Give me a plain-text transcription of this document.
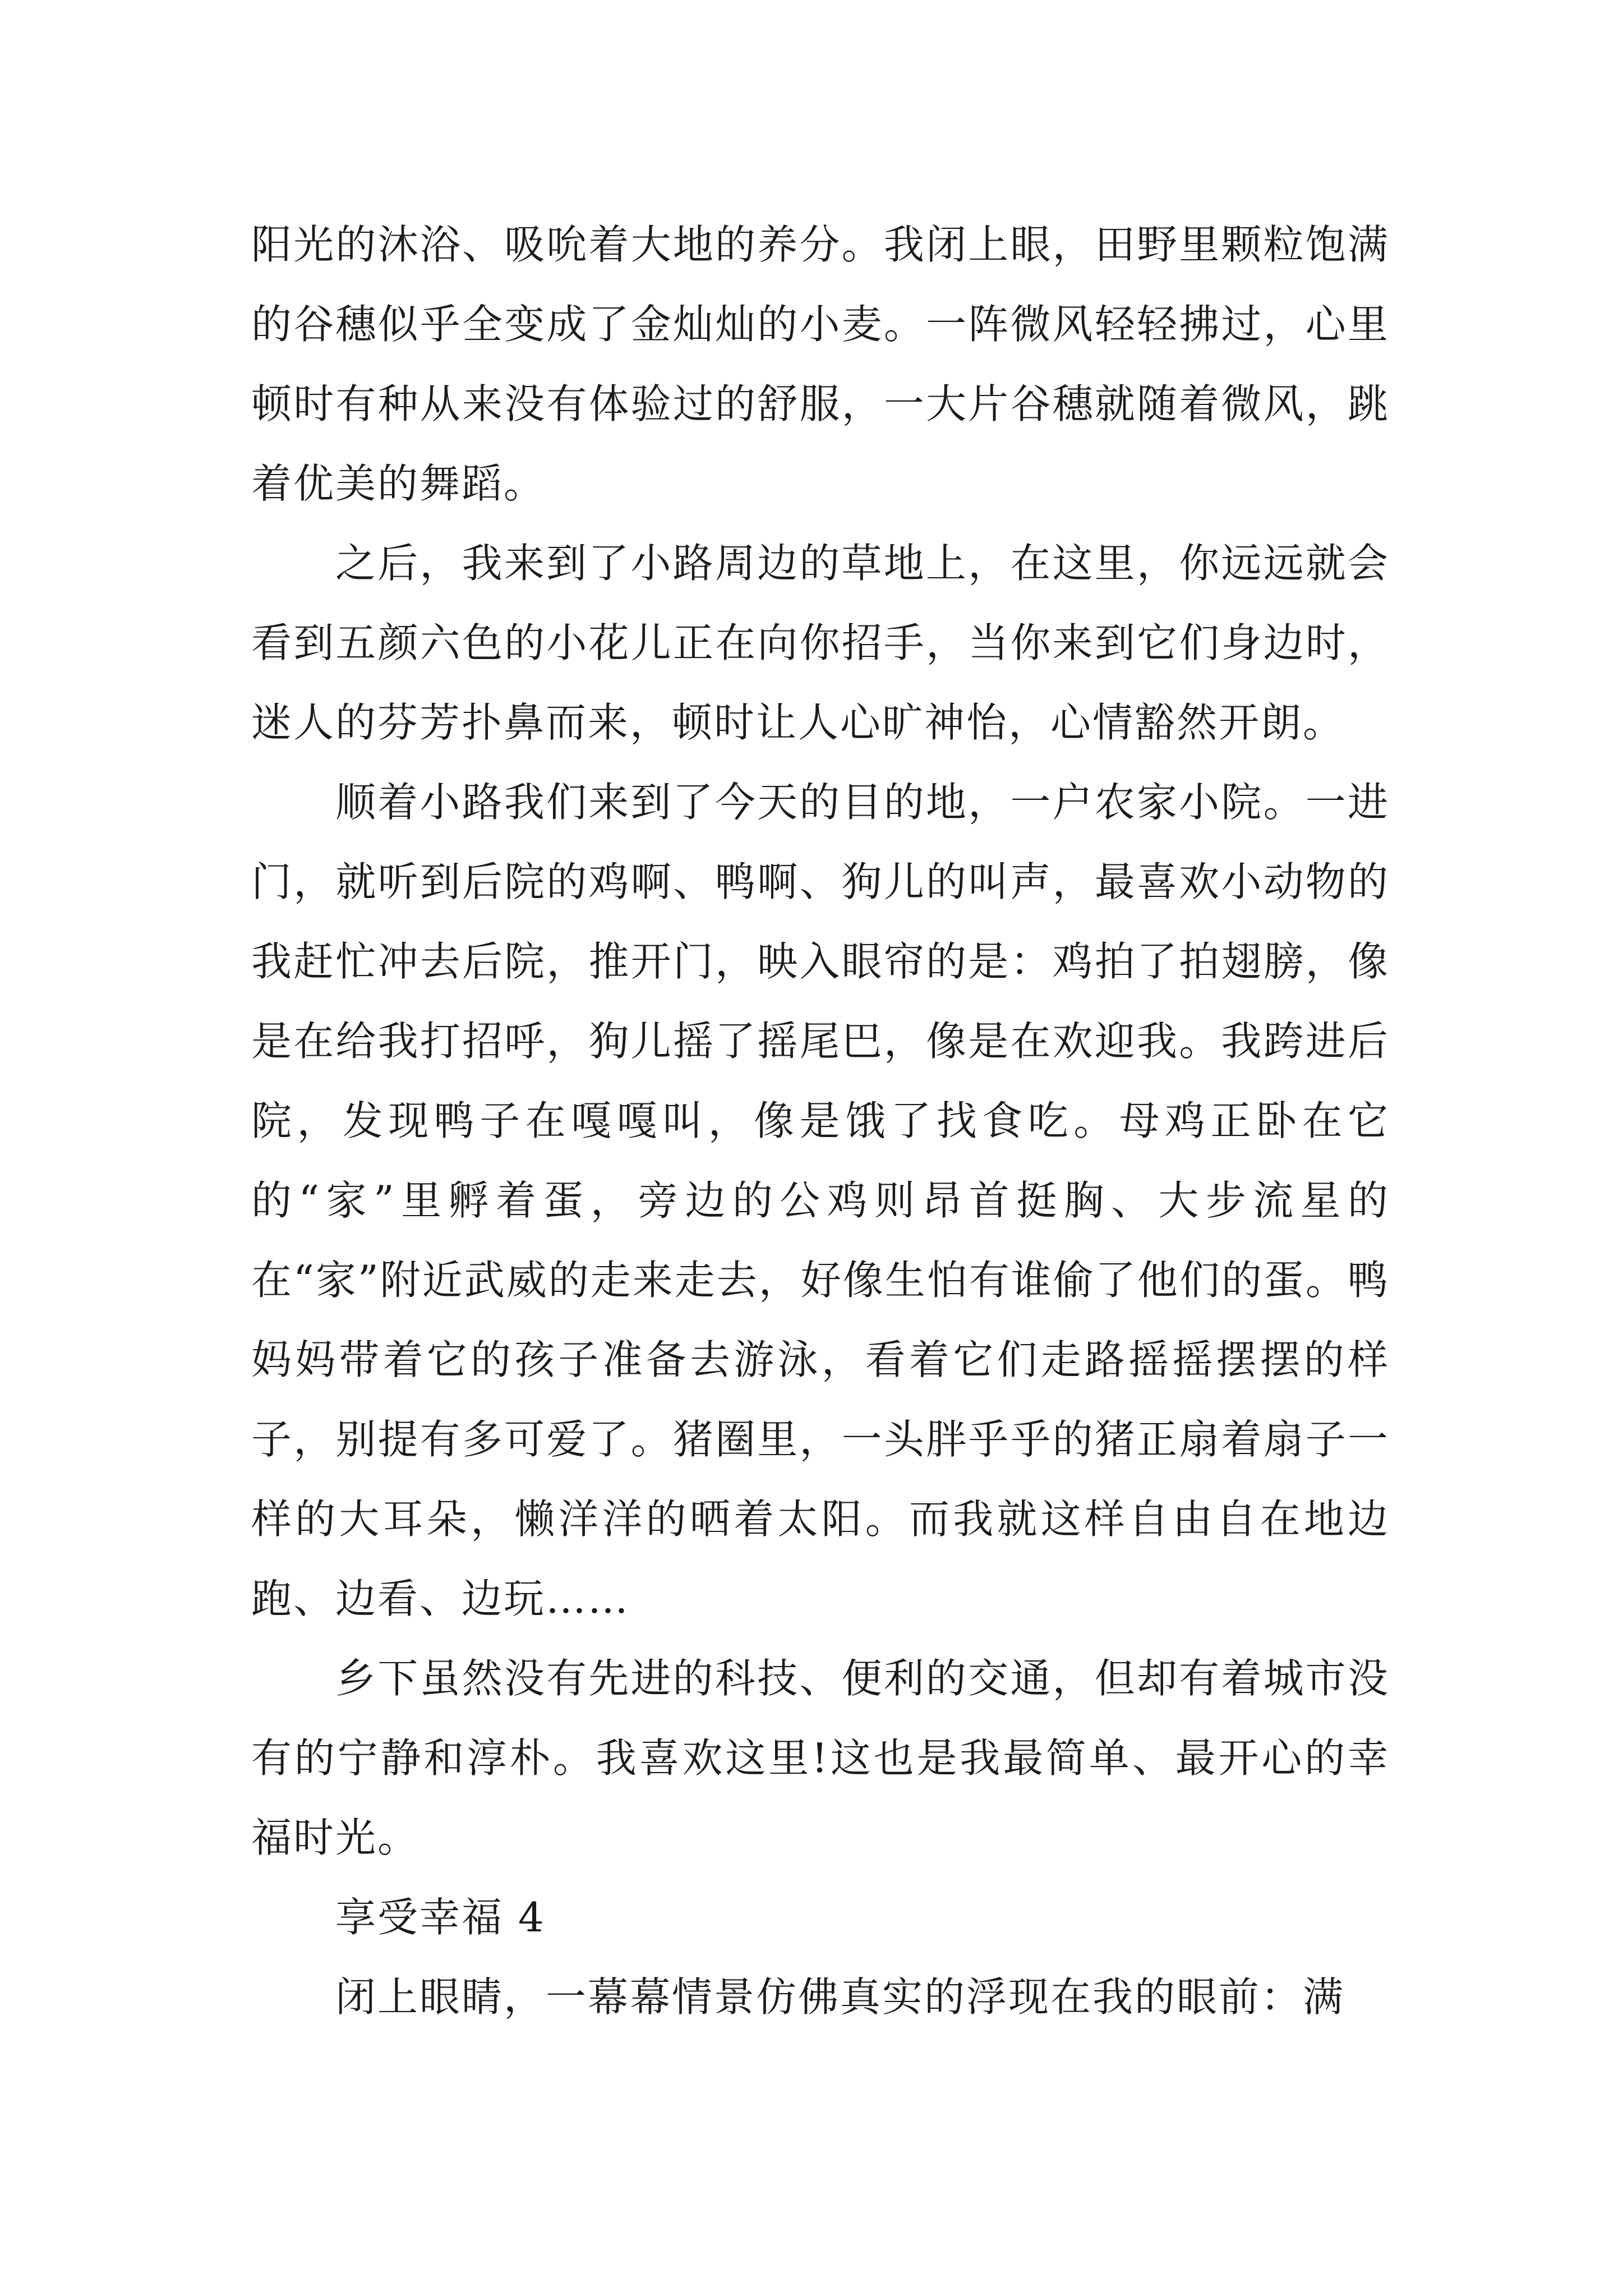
阳光的沐浴、吸吮着大地的养分。我闭上眼，田野里颗粒饱满的谷穗似乎全变成了金灿灿的小麦。一阵微风轻轻拂过，心里顿时有种从来没有体验过的舒服，一大片谷穗就随着微风，跳着优美的舞蹈。

之后，我来到了小路周边的草地上，在这里，你远远就会看到五颜六色的小花儿正在向你招手，当你来到它们身边时，迷人的芬芳扑鼻而来，顿时让人心旷神怡，心情豁然开朗。

顺着小路我们来到了今天的目的地，一户农家小院。一进门，就听到后院的鸡啊、鸭啊、狗儿的叫声，最喜欢小动物的我赶忙冲去后院，推开门，映入眼帘的是：鸡拍了拍翅膀，像是在给我打招呼，狗儿摇了摇尾巴，像是在欢迎我。我跨进后院，发现鸭子在嘎嘎叫，像是饿了找食吃。母鸡正卧在它的“家”里孵着蛋，旁边的公鸡则昂首挺胸、大步流星的在“家”附近武威的走来走去，好像生怕有谁偷了他们的蛋。鸭妈妈带着它的孩子准备去游泳，看着它们走路摇摇摆摆的样子，别提有多可爱了。猪圈里，一头胖乎乎的猪正扇着扇子一样的大耳朵，懒洋洋的晒着太阳。而我就这样自由自在地边跑、边看、边玩……

乡下虽然没有先进的科技、便利的交通，但却有着城市没有的宁静和淳朴。我喜欢这里!这也是我最简单、最开心的幸福时光。

享受幸福 4

闭上眼睛，一幕幕情景仿佛真实的浮现在我的眼前：满
